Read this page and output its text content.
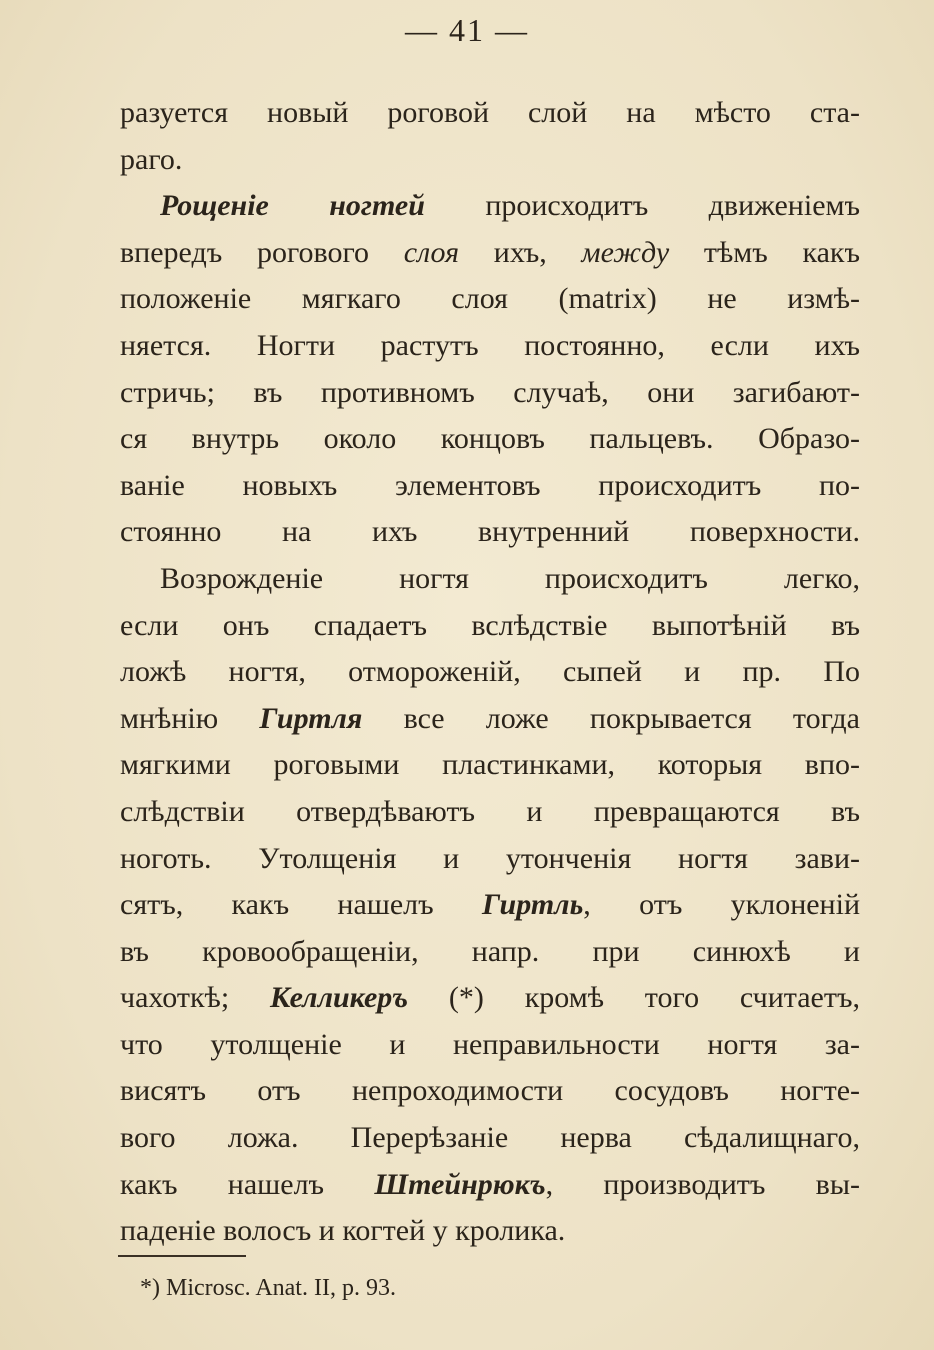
— 41 —
разуется новый роговой слой на мѣсто ста-
раго.
Рощеніе ногтей происходитъ движеніемъ
впередъ рогового слоя ихъ, между тѣмъ какъ
положеніе мягкаго слоя (matrix) не измѣ-
няется. Ногти растутъ постоянно, если ихъ
стричь; въ противномъ случаѣ, они загибают-
ся внутрь около концовъ пальцевъ. Образо-
ваніе новыхъ элементовъ происходитъ по-
стоянно на ихъ внутренний поверхности.
Возрожденіе ногтя происходитъ легко,
если онъ спадаетъ вслѣдствіе выпотѣній въ
ложѣ ногтя, отмороженій, сыпей и пр. По
мнѣнію Гиртля все ложе покрывается тогда
мягкими роговыми пластинками, которыя впо-
слѣдствіи отвердѣваютъ и превращаются въ
ноготь. Утолщенія и утонченія ногтя зави-
сятъ, какъ нашелъ Гиртль, отъ уклоненій
въ кровообращеніи, напр. при синюхѣ и
чахоткѣ; Келликеръ (*) кромѣ того считаетъ,
что утолщеніе и неправильности ногтя за-
висятъ отъ непроходимости сосудовъ ногте-
вого ложа. Перерѣзаніе нерва сѣдалищнаго,
какъ нашелъ Штейнрюкъ, производитъ вы-
паденіе волосъ и когтей у кролика.
*) Microsc. Anat. II, p. 93.
